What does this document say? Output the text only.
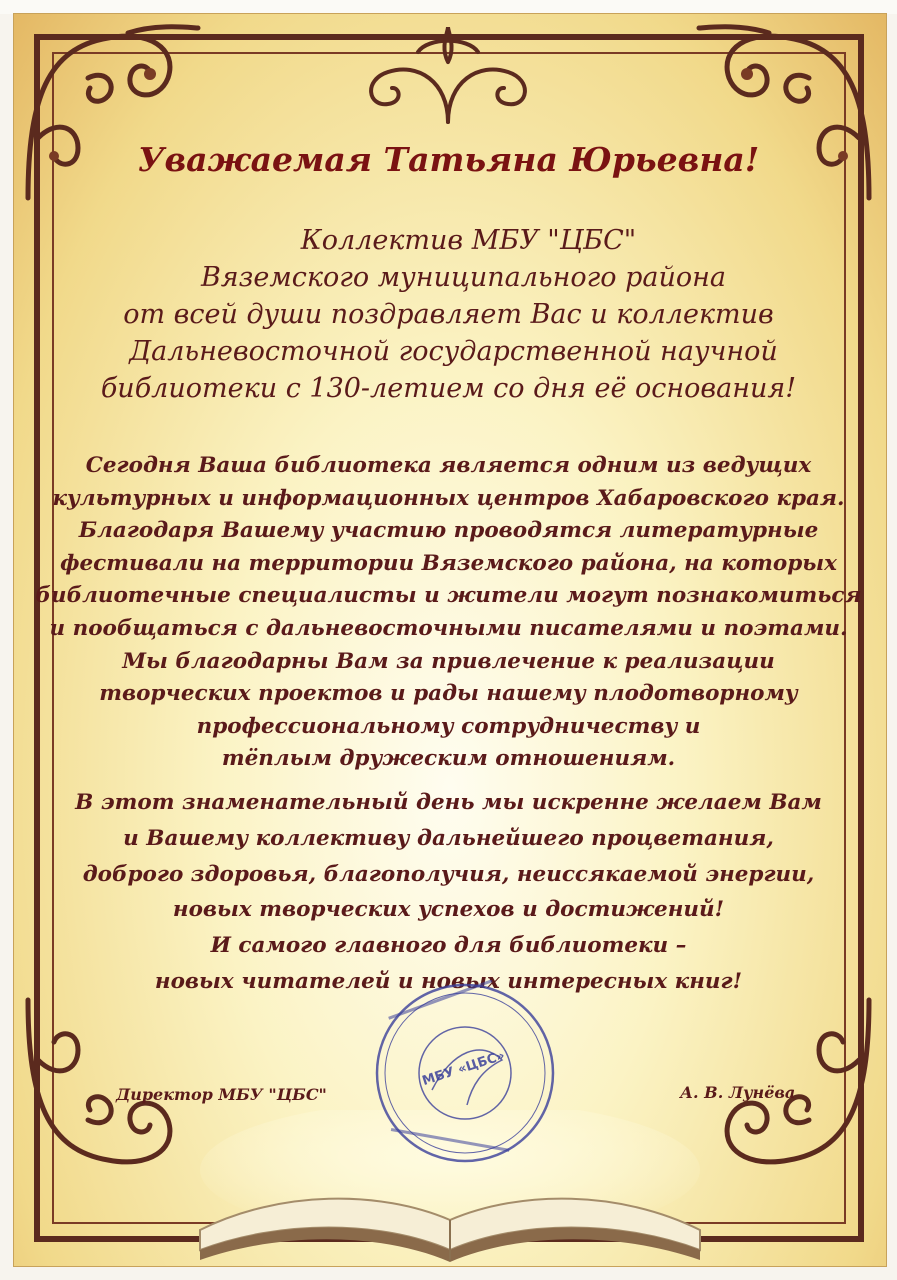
Уважаемая Татьяна Юрьевна!
Коллектив МБУ "ЦБС"
Вяземского муниципального района
от всей души поздравляет Вас и коллектив
Дальневосточной государственной научной
библиотеки с 130-летием со дня её основания!
Сегодня Ваша библиотека является одним из ведущих
культурных и информационных центров Хабаровского края.
Благодаря Вашему участию проводятся литературные
фестивали на территории Вяземского района, на которых
библиотечные специалисты и жители могут познакомиться
и пообщаться с дальневосточными писателями и поэтами.
Мы благодарны Вам за привлечение к реализации
творческих проектов и рады нашему плодотворному
профессиональному сотрудничеству и
тёплым дружеским отношениям.
В этот знаменательный день мы искренне желаем Вам
и Вашему коллективу дальнейшего процветания,
доброго здоровья, благополучия, неиссякаемой энергии,
новых творческих успехов и достижений!
И самого главного для библиотеки –
новых читателей и новых интересных книг!
Директор МБУ "ЦБС"	А. В. Лунёва
МБУ «ЦБС»
